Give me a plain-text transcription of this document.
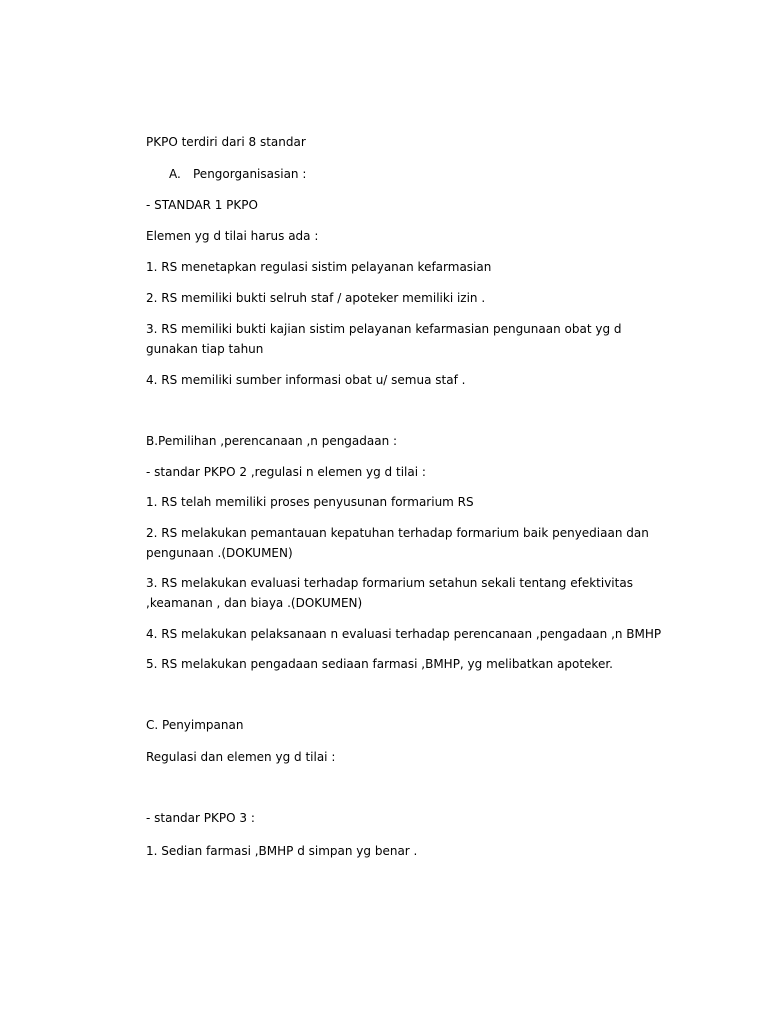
PKPO terdiri dari 8 standar
A. Pengorganisasian :
- STANDAR 1 PKPO
Elemen yg d ti̇lai harus ada :
1. RS menetapkan regulasi sisti̇m pelayanan kefarmasian
2. RS memiliki bukti̇ selruh staf / apoteker memiliki izin .
3. RS memiliki bukti̇ kajian sisti̇m pelayanan kefarmasian pengunaan obat yg d gunakan ti̇ap tahun
4. RS memiliki sumber informasi obat u/ semua staf .
B.Pemilihan ,perencanaan ,n pengadaan :
- standar PKPO 2 ,regulasi n elemen yg d ti̇lai :
1. RS telah memiliki proses penyusunan formarium RS
2. RS melakukan pemantauan kepatuhan terhadap formarium baik penyediaan dan pengunaan .(DOKUMEN)
3. RS melakukan evaluasi terhadap formarium setahun sekali tentang efekti̇vitas ,keamanan , dan biaya .(DOKUMEN)
4. RS melakukan pelaksanaan n evaluasi terhadap perencanaan ,pengadaan ,n BMHP
5. RS melakukan pengadaan sediaan farmasi ,BMHP, yg melibatkan apoteker.
C. Penyimpanan
Regulasi dan elemen yg d ti̇lai :
- standar PKPO 3 :
1. Sedian farmasi ,BMHP d simpan yg benar .
